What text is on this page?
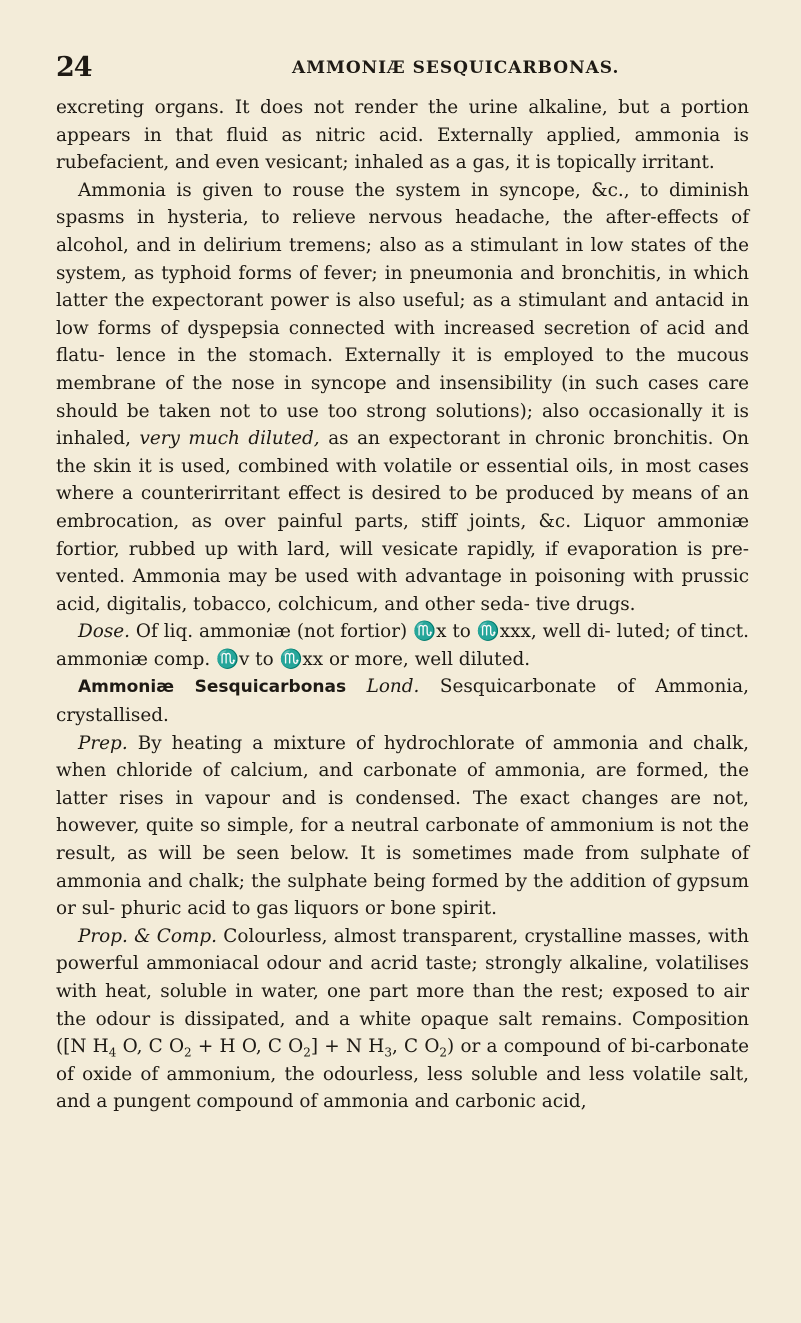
24	AMMONIÆ SESQUICARBONAS.

excreting organs. It does not render the urine alkaline, but a portion appears in that fluid as nitric acid. Externally applied, ammonia is rubefacient, and even vesicant; inhaled as a gas, it is topically irritant.

Ammonia is given to rouse the system in syncope, &c., to diminish spasms in hysteria, to relieve nervous headache, the after-effects of alcohol, and in delirium tremens; also as a stimulant in low states of the system, as typhoid forms of fever; in pneumonia and bronchitis, in which latter the expectorant power is also useful; as a stimulant and antacid in low forms of dyspepsia connected with increased secretion of acid and flatu- lence in the stomach. Externally it is employed to the mucous membrane of the nose in syncope and insensibility (in such cases care should be taken not to use too strong solutions); also occasionally it is inhaled, very much diluted, as an expectorant in chronic bronchitis. On the skin it is used, combined with volatile or essential oils, in most cases where a counterirritant effect is desired to be produced by means of an embrocation, as over painful parts, stiff joints, &c. Liquor ammoniæ fortior, rubbed up with lard, will vesicate rapidly, if evaporation is pre- vented. Ammonia may be used with advantage in poisoning with prussic acid, digitalis, tobacco, colchicum, and other seda- tive drugs.

Dose. Of liq. ammoniæ (not fortior) ♏x to ♏xxx, well di- luted; of tinct. ammoniæ comp. ♏v to ♏xx or more, well diluted.

Ammoniæ Sesquicarbonas Lond. Sesquicarbonate of Ammonia, crystallised.

Prep. By heating a mixture of hydrochlorate of ammonia and chalk, when chloride of calcium, and carbonate of ammonia, are formed, the latter rises in vapour and is condensed. The exact changes are not, however, quite so simple, for a neutral carbonate of ammonium is not the result, as will be seen below. It is sometimes made from sulphate of ammonia and chalk; the sulphate being formed by the addition of gypsum or sul- phuric acid to gas liquors or bone spirit.

Prop. & Comp. Colourless, almost transparent, crystalline masses, with powerful ammoniacal odour and acrid taste; strongly alkaline, volatilises with heat, soluble in water, one part more than the rest; exposed to air the odour is dissipated, and a white opaque salt remains. Composition ([N $H_4$ O, C $O_2 + H$ O, C $O_2] + N$ $H_3$, C $O_2$) or a compound of bi-carbonate of oxide of ammonium, the odourless, less soluble and less volatile salt, and a pungent compound of ammonia and carbonic acid,
